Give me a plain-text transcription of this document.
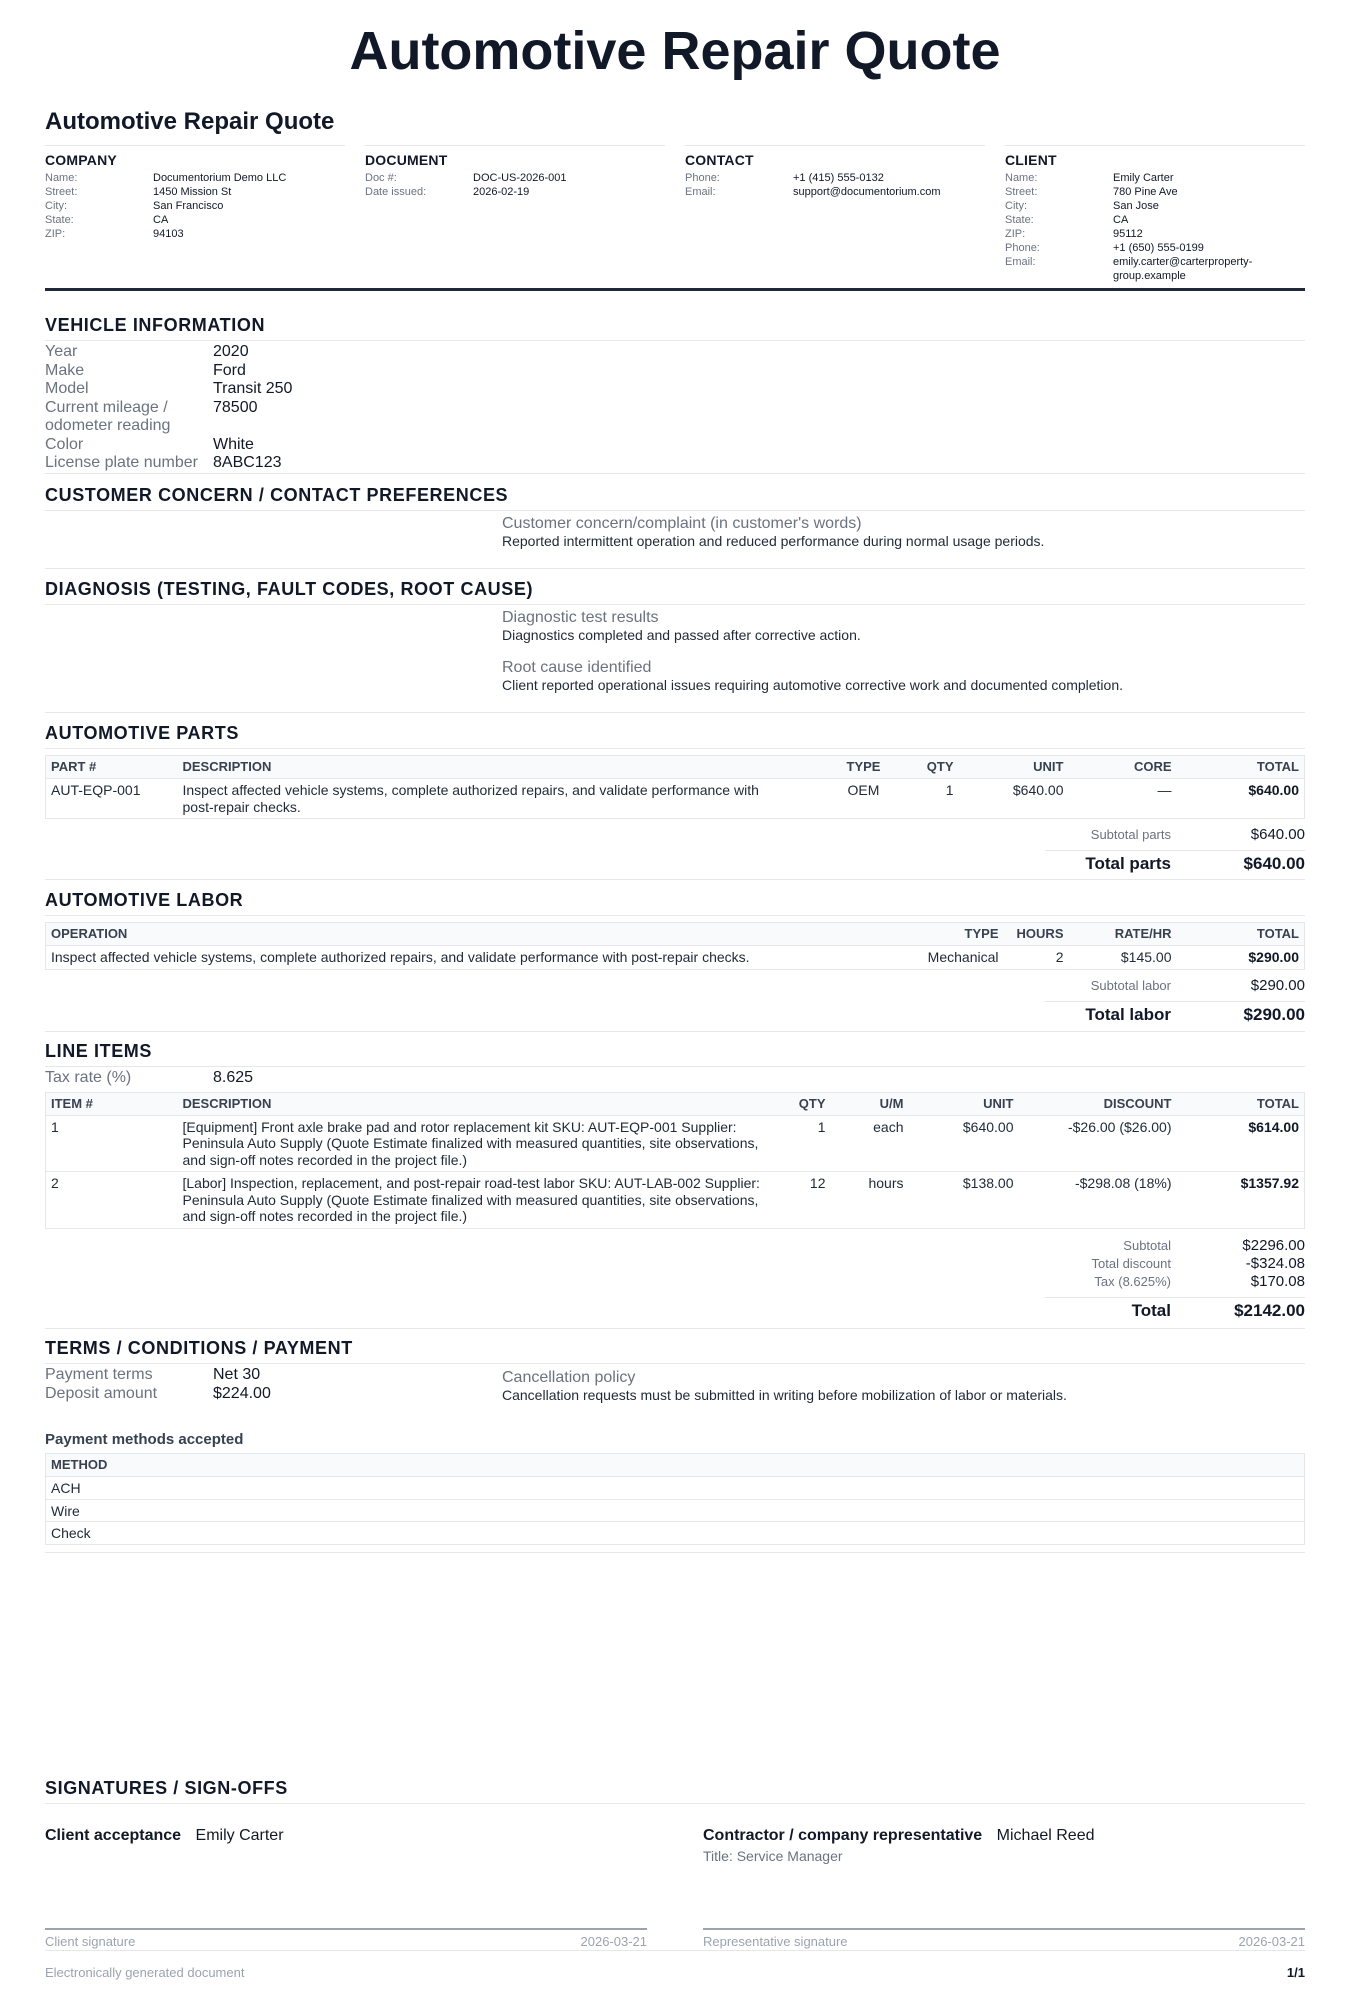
Automotive Repair Quote
Automotive Repair Quote
COMPANY
Name:	Documentorium Demo LLC
Street:	1450 Mission St
City:	San Francisco
State:	CA
ZIP:	94103
DOCUMENT
Doc #:	DOC-US-2026-001
Date issued:	2026-02-19
CONTACT
Phone:	+1 (415) 555-0132
Email:	support@documentorium.com
CLIENT
Name:	Emily Carter
Street:	780 Pine Ave
City:	San Jose
State:	CA
ZIP:	95112
Phone:	+1 (650) 555-0199
Email:	emily.carter@carterproperty-group.example
VEHICLE INFORMATION
Year	2020
Make	Ford
Model	Transit 250
Current mileage / odometer reading
78500
Color	White
License plate number 8ABC123
CUSTOMER CONCERN / CONTACT PREFERENCES
Customer concern/complaint (in customer's words)
Reported intermittent operation and reduced performance during normal usage periods.
DIAGNOSIS (TESTING, FAULT CODES, ROOT CAUSE)
Diagnostic test results
Diagnostics completed and passed after corrective action.
Root cause identified
Client reported operational issues requiring automotive corrective work and documented completion.
AUTOMOTIVE PARTS
PART #	DESCRIPTION	TYPE	QTY	UNIT	CORE	TOTAL
AUT-EQP-001	Inspect affected vehicle systems, complete authorized repairs, and validate performance with post-repair checks.	OEM	1	$640.00	—	$640.00
Subtotal parts	$640.00
Total parts	$640.00
AUTOMOTIVE LABOR
OPERATION	TYPE	HOURS	RATE/HR	TOTAL
Inspect affected vehicle systems, complete authorized repairs, and validate performance with post-repair checks.	Mechanical	2	$145.00	$290.00
Subtotal labor	$290.00
Total labor	$290.00
LINE ITEMS
Tax rate (%)	8.625
ITEM #	DESCRIPTION	QTY	U/M	UNIT	DISCOUNT	TOTAL
1	[Equipment] Front axle brake pad and rotor replacement kit SKU: AUT-EQP-001 Supplier: Peninsula Auto Supply (Quote Estimate finalized with measured quantities, site observations, and sign-off notes recorded in the project file.)	1	each	$640.00	-$26.00 ($26.00)	$614.00
2	[Labor] Inspection, replacement, and post-repair road-test labor SKU: AUT-LAB-002 Supplier: Peninsula Auto Supply (Quote Estimate finalized with measured quantities, site observations, and sign-off notes recorded in the project file.)	12	hours	$138.00	-$298.08 (18%)	$1357.92
Subtotal	$2296.00
Total discount	-$324.08
Tax (8.625%)	$170.08
Total	$2142.00
TERMS / CONDITIONS / PAYMENT
Payment terms	Net 30
Deposit amount	$224.00
Cancellation policy
Cancellation requests must be submitted in writing before mobilization of labor or materials.
Payment methods accepted
METHOD
ACH
Wire
Check
SIGNATURES / SIGN-OFFS
Client acceptance Emily Carter	Contractor / company representative Michael Reed
Title: Service Manager
Client signature	2026-03-21	Representative signature	2026-03-21
Electronically generated document	1/1
